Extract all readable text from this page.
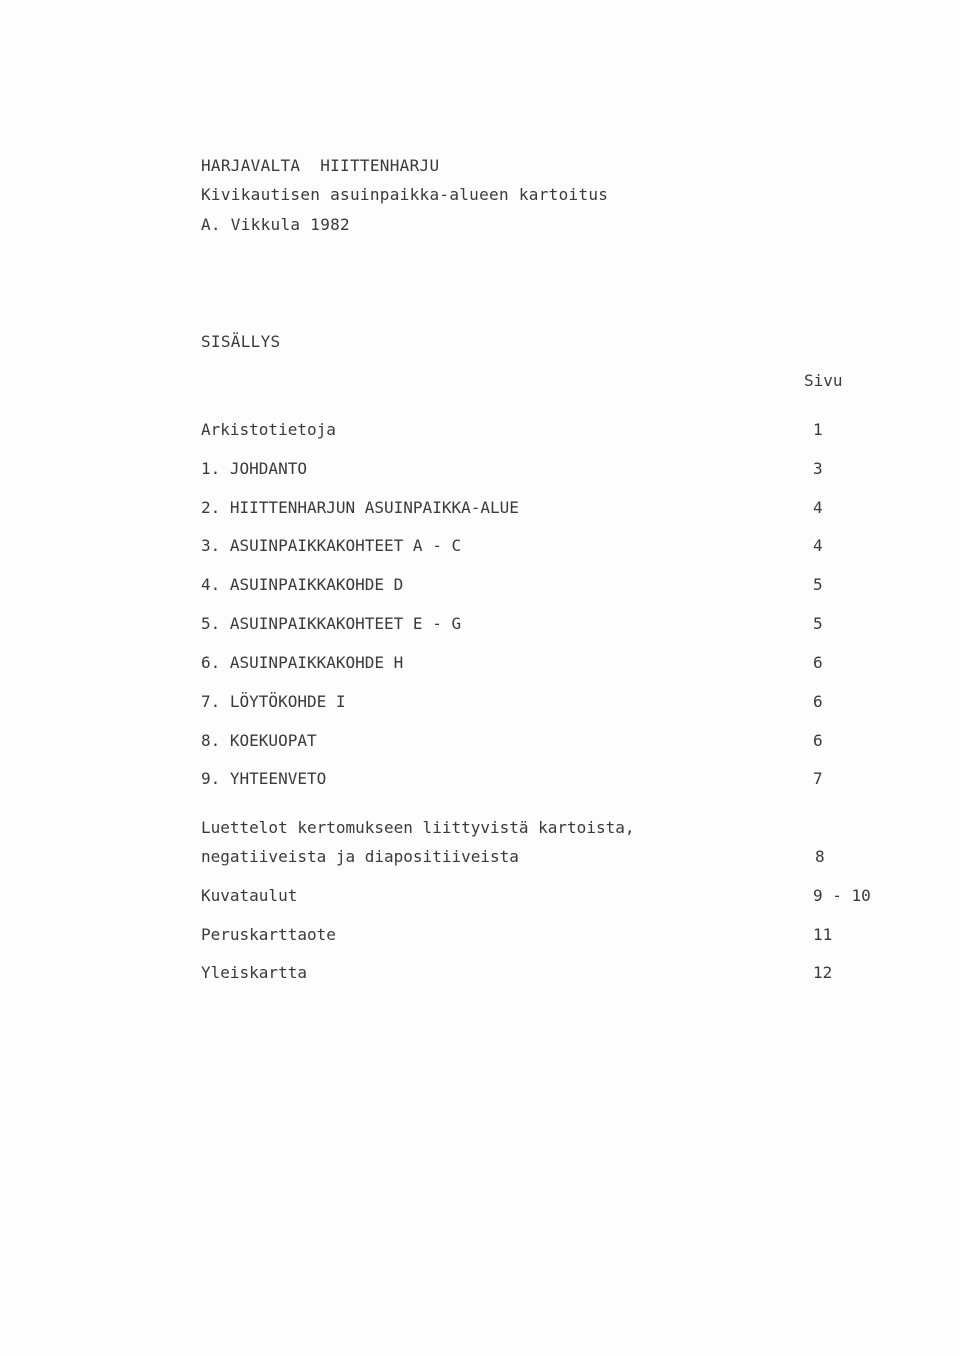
HARJAVALTA  HIITTENHARJU
Kivikautisen asuinpaikka-alueen kartoitus
A. Vikkula 1982
SISÄLLYS
Sivu
Arkistotietoja	1
1. JOHDANTO	3
2. HIITTENHARJUN ASUINPAIKKA-ALUE	4
3. ASUINPAIKKAKOHTEET A - C	4
4. ASUINPAIKKAKOHDE D	5
5. ASUINPAIKKAKOHTEET E - G	5
6. ASUINPAIKKAKOHDE H	6
7. LÖYTÖKOHDE I	6
8. KOEKUOPAT	6
9. YHTEENVETO	7
Luettelot kertomukseen liittyvistä kartoista,
negatiiveista ja diapositiiveista	8
Kuvataulut	9 - 10
Peruskarttaote	11
Yleiskartta	12
